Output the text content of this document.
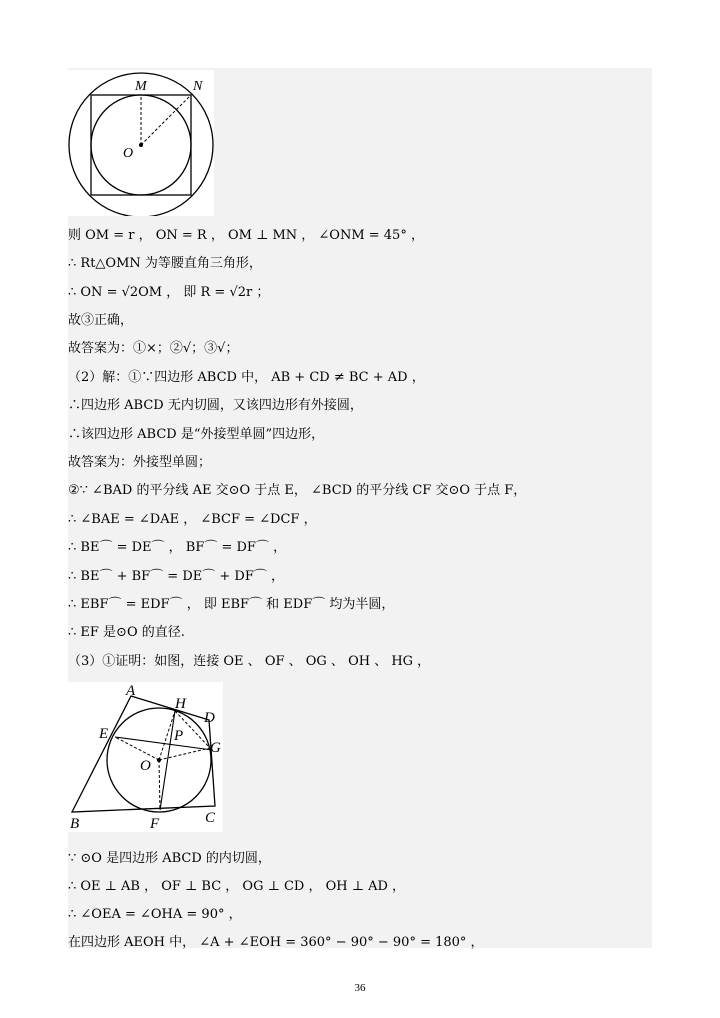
M	N
O
则 OM = r ， ON = R ， OM ⊥ MN ， ∠ONM = 45° ，
∴ Rt△OMN 为等腰直角三角形，
∴ ON = √2OM ， 即 R = √2r ；
故③正确，
故答案为：①×；②√；③√；
（2）解：①∵四边形 ABCD 中， AB + CD ≠ BC + AD ，
∴四边形 ABCD 无内切圆，又该四边形有外接圆，
∴该四边形 ABCD 是“外接型单圆”四边形，
故答案为：外接型单圆；
②∵ ∠BAD 的平分线 AE 交⊙O 于点 E， ∠BCD 的平分线 CF 交⊙O 于点 F，
∴ ∠BAE = ∠DAE ， ∠BCF = ∠DCF ，
∴ BE⌒ = DE⌒ ， BF⌒ = DF⌒ ，
∴ BE⌒ + BF⌒ = DE⌒ + DF⌒ ，
∴ EBF⌒ = EDF⌒ ， 即 EBF⌒ 和 EDF⌒ 均为半圆，
∴ EF 是⊙O 的直径.
（3）①证明：如图，连接 OE 、 OF 、 OG 、 OH 、 HG ，
A
B	C
D
E
F
G
H
O
P
∵ ⊙O 是四边形 ABCD 的内切圆，
∴ OE ⊥ AB ， OF ⊥ BC ， OG ⊥ CD ， OH ⊥ AD ，
∴ ∠OEA = ∠OHA = 90° ，
在四边形 AEOH 中， ∠A + ∠EOH = 360° − 90° − 90° = 180° ，
36
